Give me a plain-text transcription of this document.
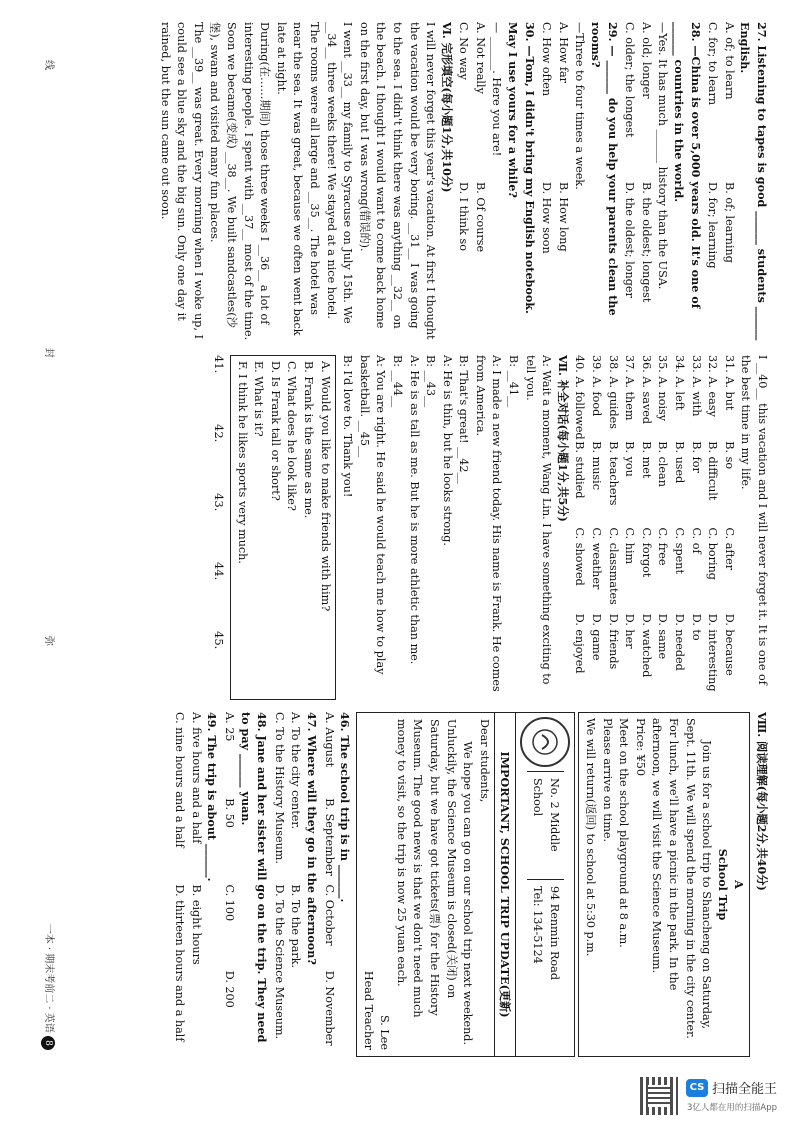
27. Listening to tapes is good ______ students ______ English.
A. of; to learn
B. of; learning
C. for; to learn
D. for; learning
28. —China is over 5,000 years old. It's one of ______ countries in the world.
—Yes. It has much ______ history than the USA.
A. old; longer
B. the oldest; longest
C. older; the longest
D. the oldest; longer
29. — ______ do you help your parents clean the rooms?
—Three to four times a week.
A. How far
B. How long
C. How often
D. How soon
30. —Tom, I didn't bring my English notebook. May I use yours for a while?
— ______. Here you are!
A. Not really
B. Of course
C. No way
D. I think so
Ⅵ. 完形填空(每小题1分,共10分)
I will never forget this year's vacation. At first I thought the vacation would be very boring. __31__ I was going to the sea. I didn't think there was anything __32__ on the beach. I thought I would want to come back home on the first day, but I was wrong(错误的).
I went __33__ my family to Syracuse on July 15th. We __34__ three weeks there! We stayed at a nice hotel. The rooms were all large and __35__. The hotel was near the sea. It was great, because we often went back late at night.
During(在……期间) those three weeks I __36__ a lot of interesting people. I spent with __37__ most of the time. Soon we became(变成) __38__. We built sandcastles(沙堡), swam and visited many fun places.
The __39__ was great. Every morning when I woke up, I could see a blue sky and the big sun. Only one day it rained, but the sun came out soon.
I __40__ this vacation and I will never forget it. It is one of the best time in my life.
31. A. but
B. so
C. after
D. because
32. A. easy
B. difficult
C. boring
D. interesting
33. A. with
B. for
C. of
D. to
34. A. left
B. used
C. spent
D. needed
35. A. noisy
B. clean
C. free
D. same
36. A. saved
B. met
C. forgot
D. watched
37. A. them
B. you
C. him
D. her
38. A. guides
B. teachers
C. classmates
D. friends
39. A. food
B. music
C. weather
D. game
40. A. followed
B. studied
C. showed
D. enjoyed
Ⅶ. 补全对话(每小题1分,共5分)
A: Wait a moment, Wang Lin. I have something exciting to tell you.
B: __41__
A: I made a new friend today. His name is Frank. He comes from America.
B: That's great! __42__
A: He is thin, but he looks strong.
B: __43__
A: He is as tall as me. But he is more athletic than me.
B: __44__
A: You are right. He said he would teach me how to play basketball. __45__
B: I'd love to. Thank you!
A. Would you like to make friends with him?
B. Frank is the same as me.
C. What does he look like?
D. Is Frank tall or short?
E. What is it?
F. I think he likes sports very much.
41.
42.
43.
44.
45.
Ⅷ. 阅读理解(每小题2分,共40分)
A
School Trip
Join us for a school trip to Shancheng on Saturday, Sept. 11th. We will spend the morning in the city center. For lunch, we'll have a picnic in the park. In the afternoon, we will visit the Science Museum.
Price: ¥50
Meet on the school playground at 8 a.m.
Please arrive on time.
We will return(返回) to school at 5:30 p.m.
No. 2 Middle School
94 Renmin Road
Tel: 134-5124
IMPORTANT, SCHOOL TRIP UPDATE(更新)
Dear students,
We hope you can go on our school trip next weekend. Unluckily, the Science Museum is closed(关闭) on Saturday, but we have got tickets(票) for the History Museum. The good news is that we don't need much money to visit, so the trip is now 25 yuan each.
S. Lee
Head Teacher
46. The school trip is in ______.
A. August
B. September
C. October
D. November
47. Where will they go in the afternoon?
A. To the city center.
B. To the park.
C. To the History Museum.
D. To the Science Museum.
48. Jane and her sister will go on the trip. They need to pay ______ yuan.
A. 25
B. 50
C. 100
D. 200
49. The trip is about ______.
A. five hours and a half
B. eight hours
C. nine hours and a half
D. thirteen hours and a half
线
封
弥
一本 · 期末考前二 · 英语 8
CS 扫描全能王
3亿人都在用的扫描App
